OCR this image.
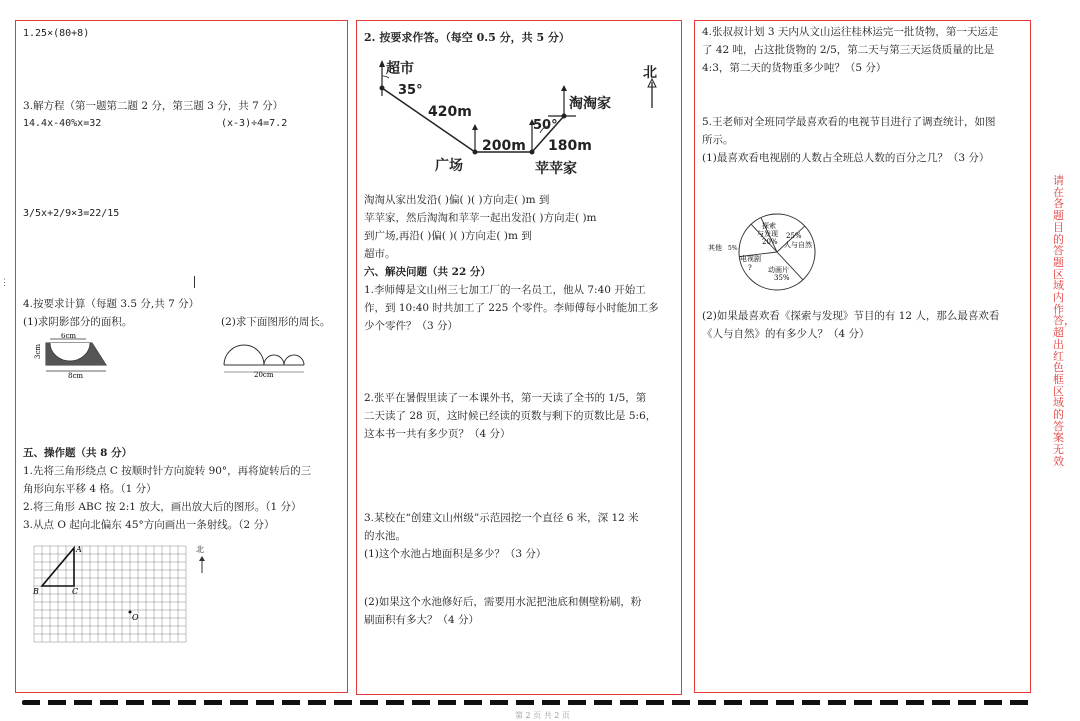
1.25×(80+8)
3.解方程（第一题第二题 2 分，第三题 3 分，共 7 分）
14.4x-40%x=32	(x-3)÷4=7.2
3/5x+2/9×3=22/15
4.按要求计算（每题 3.5 分,共 7 分）
(1)求阴影部分的面积。	(2)求下面图形的周长。
6cm
3cm
8cm	20cm
五、操作题（共 8 分）
1.先将三角形绕点 C 按顺时针方向旋转 90°，再将旋转后的三
角形向东平移 4 格。（1 分）
2.将三角形 ABC 按 2:1 放大，画出放大后的图形。（1 分）
3.从点 O 起向北偏东 45°方向画出一条射线。（2 分）
A
B	C
O
北
2. 按要求作答。（每空 0.5 分，共 5 分）
超市
35°
420m
广场
200m
50°
180m
淘淘家
苹苹家
北
淘淘从家出发沿( )偏( )( )方向走( )m 到
苹苹家，然后淘淘和苹苹一起出发沿( )方向走( )m
到广场,再沿( )偏( )( )方向走( )m 到
超市。
六、解决问题（共 22 分）
1.李师傅是文山州三七加工厂的一名员工，他从 7:40 开始工
作，到 10:40 时共加工了 225 个零件。李师傅每小时能加工多
少个零件？（3 分）
2.张平在暑假里读了一本课外书，第一天读了全书的 1/5，第
二天读了 28 页，这时候已经读的页数与剩下的页数比是 5:6，
这本书一共有多少页？（4 分）
3.某校在“创建文山州级”示范园挖一个直径 6 米，深 12 米
的水池。
(1)这个水池占地面积是多少？（3 分）
(2)如果这个水池修好后，需要用水泥把池底和侧壁粉刷，粉
刷面积有多大？（4 分）
4.张叔叔计划 3 天内从文山运往桂林运完一批货物，第一天运走
了 42 吨，占这批货物的 2/5，第二天与第三天运货质量的比是
4:3，第二天的货物重多少吨？（5 分）
5.王老师对全班同学最喜欢看的电视节目进行了调查统计，如图
所示。
(1)最喜欢看电视剧的人数占全班总人数的百分之几？（3 分）
探索
与发现
20%
25%
人与自然
其他 5%
电视剧
? 动画片
35%
(2)如果最喜欢看《探索与发现》节目的有 12 人，那么最喜欢看
《人与自然》的有多少人？（4 分）
请在各题目的答题区域内作答，超出红色框区域的答案无效
⋮
第 2 页 共 2 页
